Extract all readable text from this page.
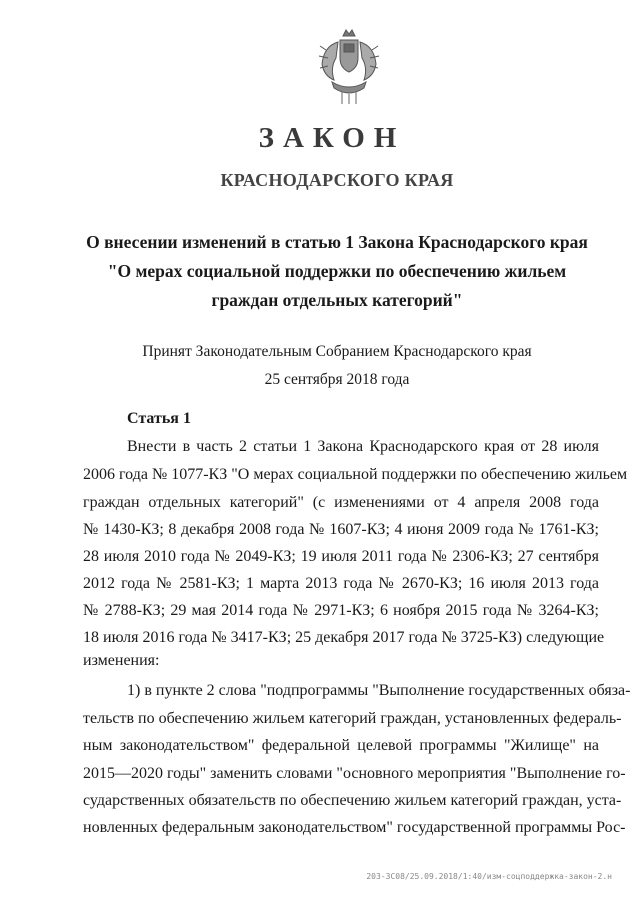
ЗАКОН
КРАСНОДАРСКОГО КРАЯ
О внесении изменений в статью 1 Закона Краснодарского края
"О мерах социальной поддержки по обеспечению жильем
граждан отдельных категорий"
Принят Законодательным Собранием Краснодарского края
25 сентября 2018 года
Статья 1
Внести в часть 2 статьи 1 Закона Краснодарского края от 28 июля
2006 года № 1077-КЗ "О мерах социальной поддержки по обеспечению жильем
граждан отдельных категорий" (с изменениями от 4 апреля 2008 года
№ 1430-КЗ; 8 декабря 2008 года № 1607-КЗ; 4 июня 2009 года № 1761-КЗ;
28 июля 2010 года № 2049-КЗ; 19 июля 2011 года № 2306-КЗ; 27 сентября
2012 года № 2581-КЗ; 1 марта 2013 года № 2670-КЗ; 16 июля 2013 года
№ 2788-КЗ; 29 мая 2014 года № 2971-КЗ; 6 ноября 2015 года № 3264-КЗ;
18 июля 2016 года № 3417-КЗ; 25 декабря 2017 года № 3725-КЗ) следующие
изменения:
1) в пункте 2 слова "подпрограммы "Выполнение государственных обяза-
тельств по обеспечению жильем категорий граждан, установленных федераль-
ным законодательством" федеральной целевой программы "Жилище" на
2015—2020 годы" заменить словами "основного мероприятия "Выполнение го-
сударственных обязательств по обеспечению жильем категорий граждан, уста-
новленных федеральным законодательством" государственной программы Рос-
203-ЗС08/25.09.2018/1:40/изм-соцподдержка-закон-2.н
